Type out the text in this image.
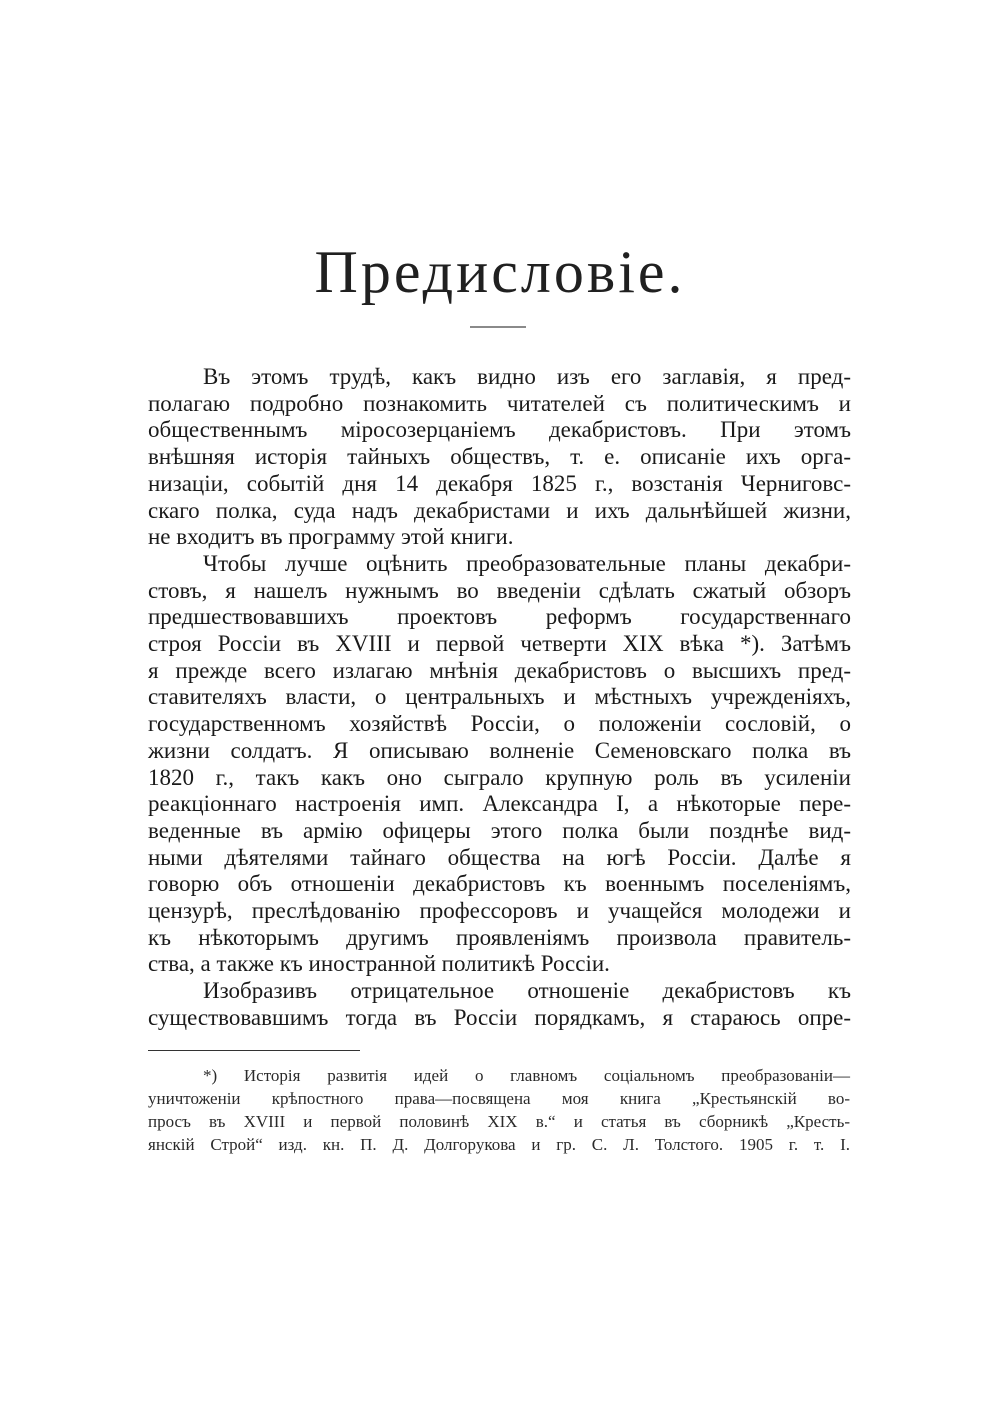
Предисловіе.
Въ этомъ трудѣ, какъ видно изъ его заглавія, я пред-
полагаю подробно познакомить читателей съ политическимъ и
общественнымъ міросозерцаніемъ декабристовъ. При этомъ
внѣшняя исторія тайныхъ обществъ, т. е. описаніе ихъ орга-
низаціи, событій дня 14 декабря 1825 г., возстанія Черниговс-
скаго полка, суда надъ декабристами и ихъ дальнѣйшей жизни,
не входитъ въ программу этой книги.
Чтобы лучше оцѣнить преобразовательные планы декабри-
стовъ, я нашелъ нужнымъ во введеніи сдѣлать сжатый обзоръ
предшествовавшихъ проектовъ реформъ государственнаго
строя Россіи въ XVIII и первой четверти XIX вѣка *). Затѣмъ
я прежде всего излагаю мнѣнія декабристовъ о высшихъ пред-
ставителяхъ власти, о центральныхъ и мѣстныхъ учрежденіяхъ,
государственномъ хозяйствѣ Россіи, о положеніи сословій, о
жизни солдатъ. Я описываю волненіе Семеновскаго полка въ
1820 г., такъ какъ оно сыграло крупную роль въ усиленіи
реакціоннаго настроенія имп. Александра I, а нѣкоторые пере-
веденные въ армію офицеры этого полка были позднѣе вид-
ными дѣятелями тайнаго общества на югѣ Россіи. Далѣе я
говорю объ отношеніи декабристовъ къ военнымъ поселеніямъ,
цензурѣ, преслѣдованію профессоровъ и учащейся молодежи и
къ нѣкоторымъ другимъ проявленіямъ произвола правитель-
ства, а также къ иностранной политикѣ Россіи.
Изобразивъ отрицательное отношеніе декабристовъ къ
существовавшимъ тогда въ Россіи порядкамъ, я стараюсь опре-
*) Исторія развитія идей о главномъ соціальномъ преобразованіи—
уничтоженіи крѣпостного права—посвящена моя книга „Крестьянскій во-
просъ въ XVIII и первой половинѣ XIX в.“ и статья въ сборникѣ „Кресть-
янскій Строй“ изд. кн. П. Д. Долгорукова и гр. С. Л. Толстого. 1905 г. т. I.
